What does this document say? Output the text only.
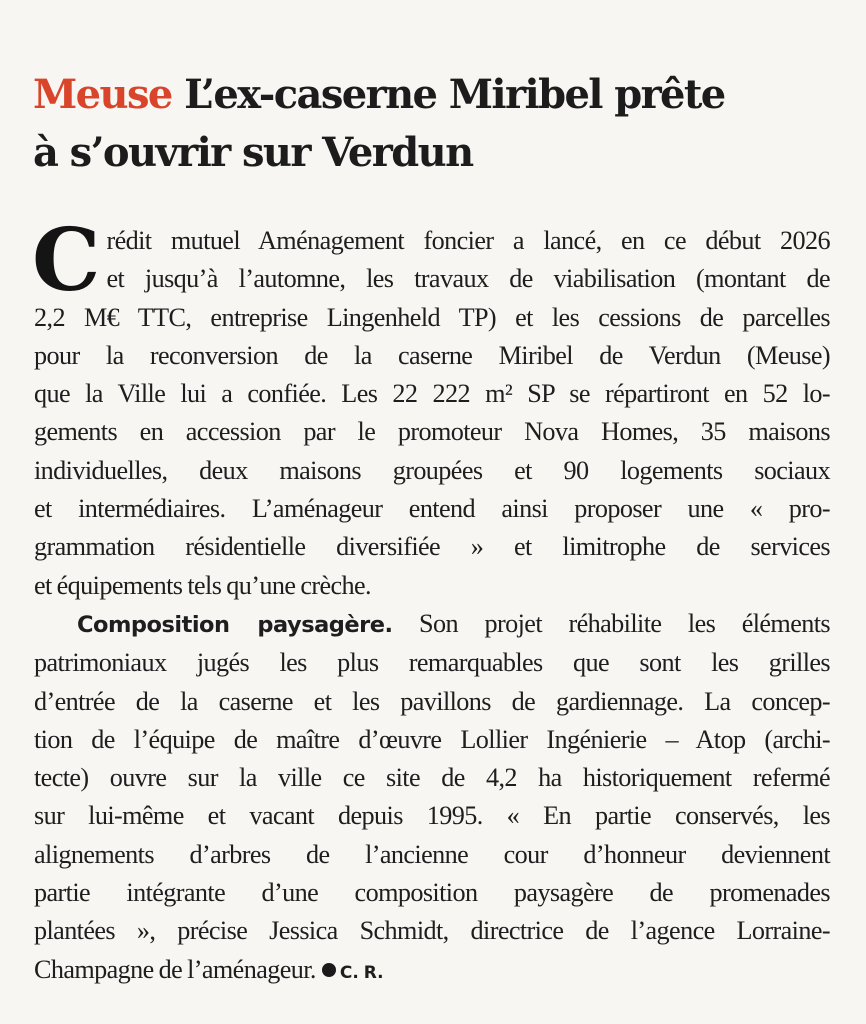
Meuse L’ex-caserne Miribel prête
à s’ouvrir sur Verdun
C rédit mutuel Aménagement foncier a lancé, en ce début 2026
et jusqu’à l’automne, les travaux de viabilisation (montant de
2,2 M€ TTC, entreprise Lingenheld TP) et les cessions de parcelles
pour la reconversion de la caserne Miribel de Verdun (Meuse)
que la Ville lui a confiée. Les 22 222 m² SP se répartiront en 52 lo-
gements en accession par le promoteur Nova Homes, 35 maisons
individuelles, deux maisons groupées et 90 logements sociaux
et intermédiaires. L’aménageur entend ainsi proposer une « pro-
grammation résidentielle diversifiée » et limitrophe de services
et équipements tels qu’une crèche.
Composition paysagère. Son projet réhabilite les éléments
patrimoniaux jugés les plus remarquables que sont les grilles
d’entrée de la caserne et les pavillons de gardiennage. La concep-
tion de l’équipe de maître d’œuvre Lollier Ingénierie – Atop (archi-
tecte) ouvre sur la ville ce site de 4,2 ha historiquement refermé
sur lui-même et vacant depuis 1995. « En partie conservés, les
alignements d’arbres de l’ancienne cour d’honneur deviennent
partie intégrante d’une composition paysagère de promenades
plantées », précise Jessica Schmidt, directrice de l’agence Lorraine-
Champagne de l’aménageur. C. R.
